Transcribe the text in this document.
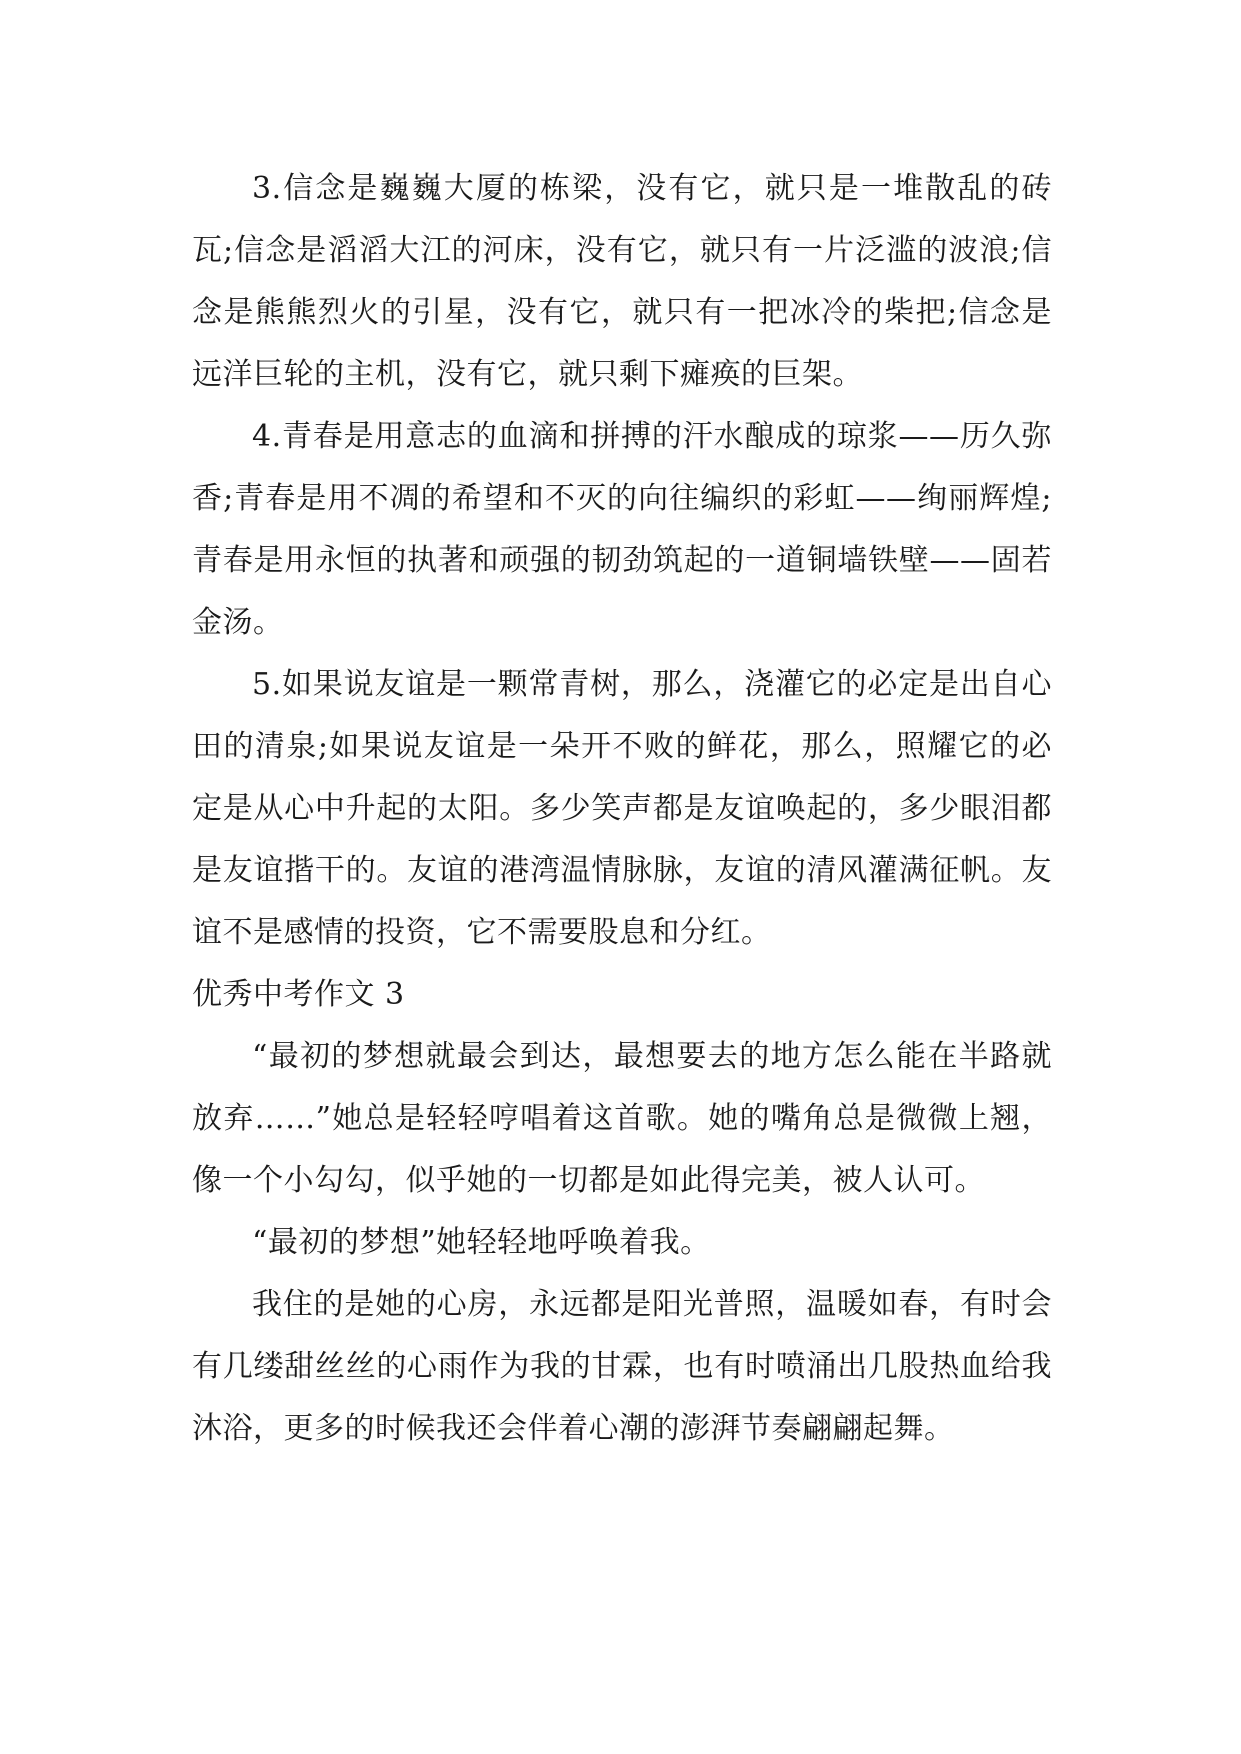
3.信念是巍巍大厦的栋梁，没有它，就只是一堆散乱的砖瓦;信念是滔滔大江的河床，没有它，就只有一片泛滥的波浪;信念是熊熊烈火的引星，没有它，就只有一把冰冷的柴把;信念是远洋巨轮的主机，没有它，就只剩下瘫痪的巨架。

4.青春是用意志的血滴和拼搏的汗水酿成的琼浆——历久弥香;青春是用不凋的希望和不灭的向往编织的彩虹——绚丽辉煌;青春是用永恒的执著和顽强的韧劲筑起的一道铜墙铁壁——固若金汤。

5.如果说友谊是一颗常青树，那么，浇灌它的必定是出自心田的清泉;如果说友谊是一朵开不败的鲜花，那么，照耀它的必定是从心中升起的太阳。多少笑声都是友谊唤起的，多少眼泪都是友谊揩干的。友谊的港湾温情脉脉，友谊的清风灌满征帆。友谊不是感情的投资，它不需要股息和分红。

优秀中考作文 3

“最初的梦想就最会到达，最想要去的地方怎么能在半路就放弃……”她总是轻轻哼唱着这首歌。她的嘴角总是微微上翘，像一个小勾勾，似乎她的一切都是如此得完美，被人认可。

“最初的梦想”她轻轻地呼唤着我。

我住的是她的心房，永远都是阳光普照，温暖如春，有时会有几缕甜丝丝的心雨作为我的甘霖，也有时喷涌出几股热血给我沐浴，更多的时候我还会伴着心潮的澎湃节奏翩翩起舞。
